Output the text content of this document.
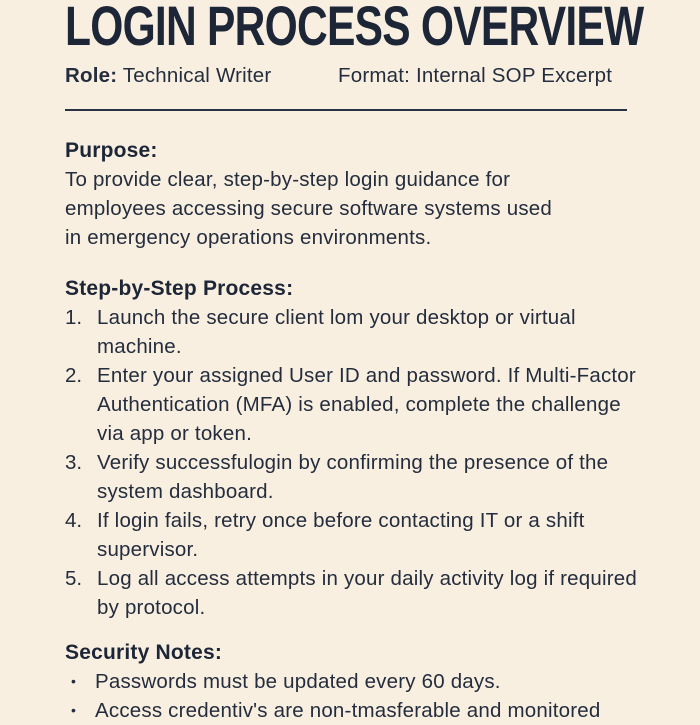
LOGIN PROCESS OVERVIEW
Role: Technical Writer	Format: Internal SOP Excerpt
Purpose:
To provide clear, step-by-step login guidance for
employees accessing secure software systems used
in emergency operations environments.
Step-by-Step Process:
1. Launch the secure client lom your desktop or virtual
machine.
2. Enter your assigned User ID and password. If Multi-Factor
Authentication (MFA) is enabled, complete the challenge
via app or token.
3. Verify successfulogin by confirming the presence of the
system dashboard.
4. If login fails, retry once before contacting IT or a shift
supervisor.
5. Log all access attempts in your daily activity log if required
by protocol.
Security Notes:
• Passwords must be updated every 60 days.
• Access credentiv's are non-tmasferable and monitored
